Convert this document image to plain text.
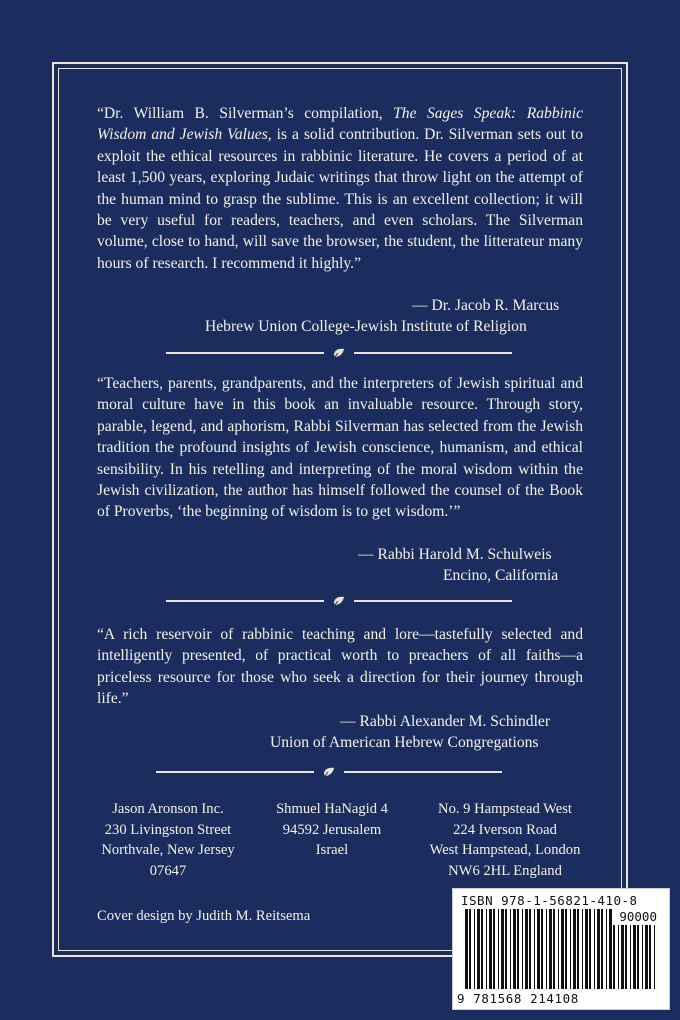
“Dr. William B. Silverman’s compilation, The Sages Speak: Rabbinic Wisdom and Jewish Values, is a solid contribution. Dr. Silverman sets out to exploit the ethical resources in rabbinic literature. He covers a period of at least 1,500 years, exploring Judaic writings that throw light on the attempt of the human mind to grasp the sublime. This is an excellent collection; it will be very useful for readers, teachers, and even scholars. The Silverman volume, close to hand, will save the browser, the student, the litterateur many hours of research. I recommend it highly.”
— Dr. Jacob R. Marcus
Hebrew Union College-Jewish Institute of Religion
“Teachers, parents, grandparents, and the interpreters of Jewish spiritual and moral culture have in this book an invaluable resource. Through story, parable, legend, and aphorism, Rabbi Silverman has selected from the Jewish tradition the profound insights of Jewish conscience, humanism, and ethical sensibility. In his retelling and interpreting of the moral wisdom within the Jewish civilization, the author has himself followed the counsel of the Book of Proverbs, ‘the beginning of wisdom is to get wisdom.’”
— Rabbi Harold M. Schulweis
Encino, California
“A rich reservoir of rabbinic teaching and lore—tastefully selected and intelligently presented, of practical worth to preachers of all faiths—a priceless resource for those who seek a direction for their journey through life.”
— Rabbi Alexander M. Schindler
Union of American Hebrew Congregations
Jason Aronson Inc.
230 Livingston Street
Northvale, New Jersey
07647
Shmuel HaNagid 4
94592 Jerusalem
Israel
No. 9 Hampstead West
224 Iverson Road
West Hampstead, London
NW6 2HL England
Cover design by Judith M. Reitsema
ISBN 978-1-56821-410-8
90000
9 781568 214108
